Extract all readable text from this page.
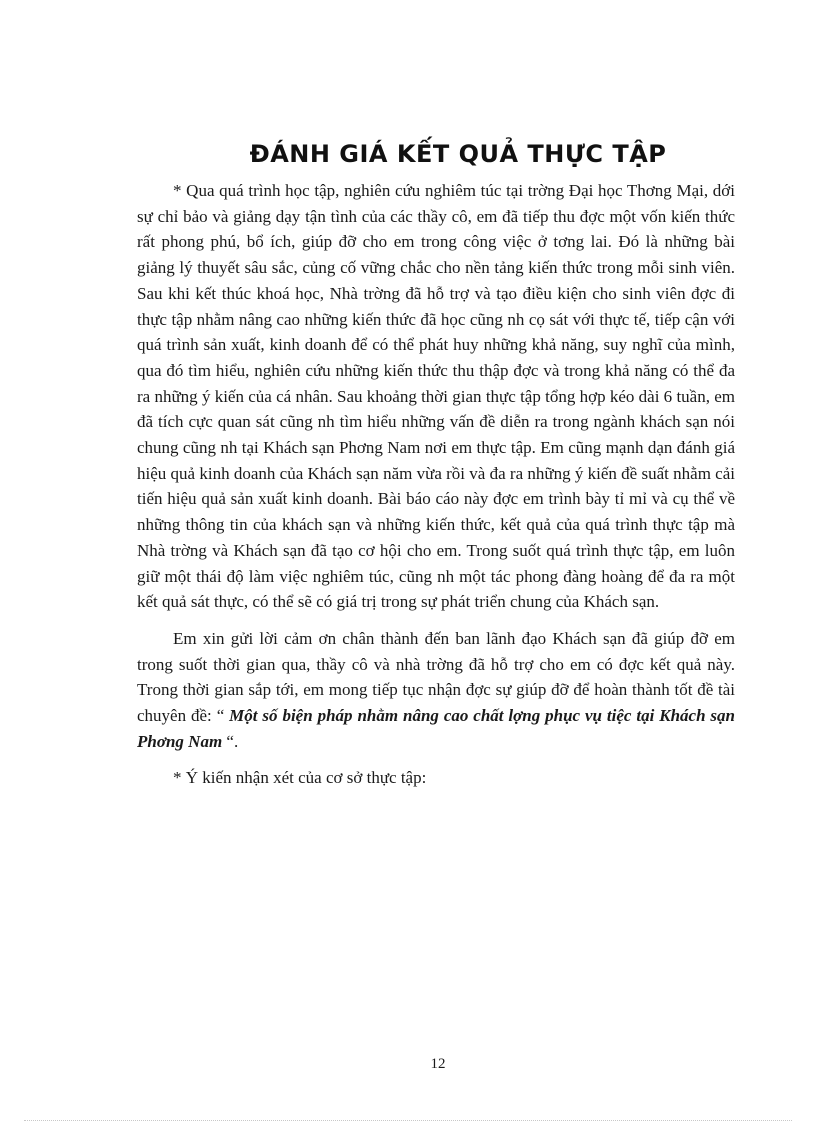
ĐÁNH GIÁ KẾT QUẢ THỰC TẬP

* Qua quá trình học tập, nghiên cứu nghiêm túc tại trờng Đại học Thơng Mại, dới sự chỉ bảo và giảng dạy tận tình của các thầy cô, em đã tiếp thu đợc một vốn kiến thức rất phong phú, bổ ích, giúp đỡ cho em trong công việc ở tơng lai. Đó là những bài giảng lý thuyết sâu sắc, củng cố vững chắc cho nền tảng kiến thức trong mỗi sinh viên. Sau khi kết thúc khoá học, Nhà trờng đã hỗ trợ và tạo điều kiện cho sinh viên đợc đi thực tập nhằm nâng cao những kiến thức đã học cũng nh cọ sát với thực tế, tiếp cận với quá trình sản xuất, kinh doanh để có thể phát huy những khả năng, suy nghĩ của mình, qua đó tìm hiểu, nghiên cứu những kiến thức thu thập đợc và trong khả năng có thể đa ra những ý kiến của cá nhân. Sau khoảng thời gian thực tập tổng hợp kéo dài 6 tuần, em đã tích cực quan sát cũng nh tìm hiểu những vấn đề diễn ra trong ngành khách sạn nói chung cũng nh tại Khách sạn Phơng Nam nơi em thực tập. Em cũng mạnh dạn đánh giá hiệu quả kinh doanh của Khách sạn năm vừa rồi và đa ra những ý kiến đề suất nhằm cải tiến hiệu quả sản xuất kinh doanh. Bài báo cáo này đợc em trình bày tỉ mỉ và cụ thể về những thông tin của khách sạn và những kiến thức, kết quả của quá trình thực tập mà Nhà trờng và Khách sạn đã tạo cơ hội cho em. Trong suốt quá trình thực tập, em luôn giữ một thái độ làm việc nghiêm túc, cũng nh một tác phong đàng hoàng để đa ra một kết quả sát thực, có thể sẽ có giá trị trong sự phát triển chung của Khách sạn.

Em xin gửi lời cảm ơn chân thành đến ban lãnh đạo Khách sạn đã giúp đỡ em trong suốt thời gian qua, thầy cô và nhà trờng đã hỗ trợ cho em có đợc kết quả này. Trong thời gian sắp tới, em mong tiếp tục nhận đợc sự giúp đỡ để hoàn thành tốt đề tài chuyên đề: “ Một số biện pháp nhằm nâng cao chất lợng phục vụ tiệc tại Khách sạn Phơng Nam “.

* Ý kiến nhận xét của cơ sở thực tập:

12
